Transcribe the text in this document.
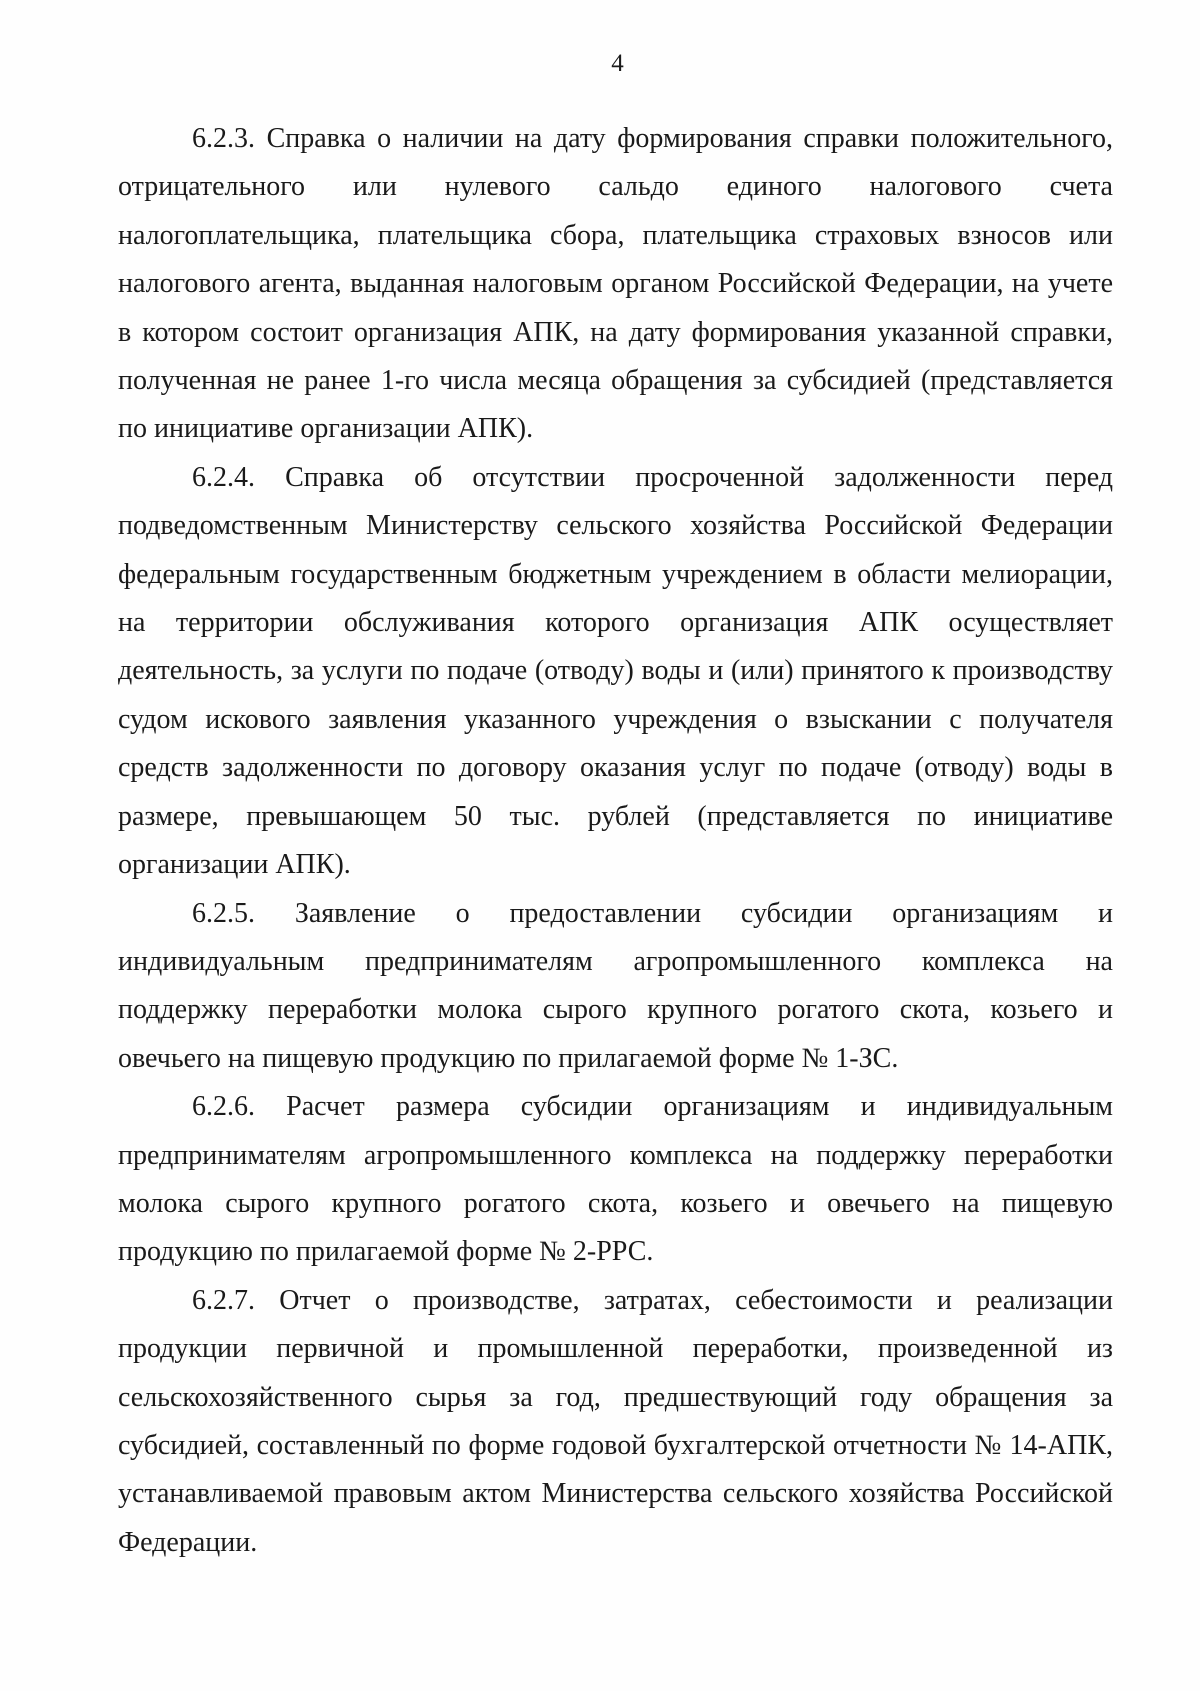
4

6.2.3. Справка о наличии на дату формирования справки положительного, отрицательного или нулевого сальдо единого налогового счета налогоплательщика, плательщика сбора, плательщика страховых взносов или налогового агента, выданная налоговым органом Российской Федерации, на учете в котором состоит организация АПК, на дату формирования указанной справки, полученная не ранее 1-го числа месяца обращения за субсидией (представляется по инициативе организации АПК).

6.2.4. Справка об отсутствии просроченной задолженности перед подведомственным Министерству сельского хозяйства Российской Федерации федеральным государственным бюджетным учреждением в области мелиорации, на территории обслуживания которого организация АПК осуществляет деятельность, за услуги по подаче (отводу) воды и (или) принятого к производству судом искового заявления указанного учреждения о взыскании с получателя средств задолженности по договору оказания услуг по подаче (отводу) воды в размере, превышающем 50 тыс. рублей (представляется по инициативе организации АПК).

6.2.5. Заявление о предоставлении субсидии организациям и индивидуальным предпринимателям агропромышленного комплекса на поддержку переработки молока сырого крупного рогатого скота, козьего и овечьего на пищевую продукцию по прилагаемой форме № 1-ЗС.

6.2.6. Расчет размера субсидии организациям и индивидуальным предпринимателям агропромышленного комплекса на поддержку переработки молока сырого крупного рогатого скота, козьего и овечьего на пищевую продукцию по прилагаемой форме № 2-РРС.

6.2.7. Отчет о производстве, затратах, себестоимости и реализации продукции первичной и промышленной переработки, произведенной из сельскохозяйственного сырья за год, предшествующий году обращения за субсидией, составленный по форме годовой бухгалтерской отчетности № 14-АПК, устанавливаемой правовым актом Министерства сельского хозяйства Российской Федерации.
